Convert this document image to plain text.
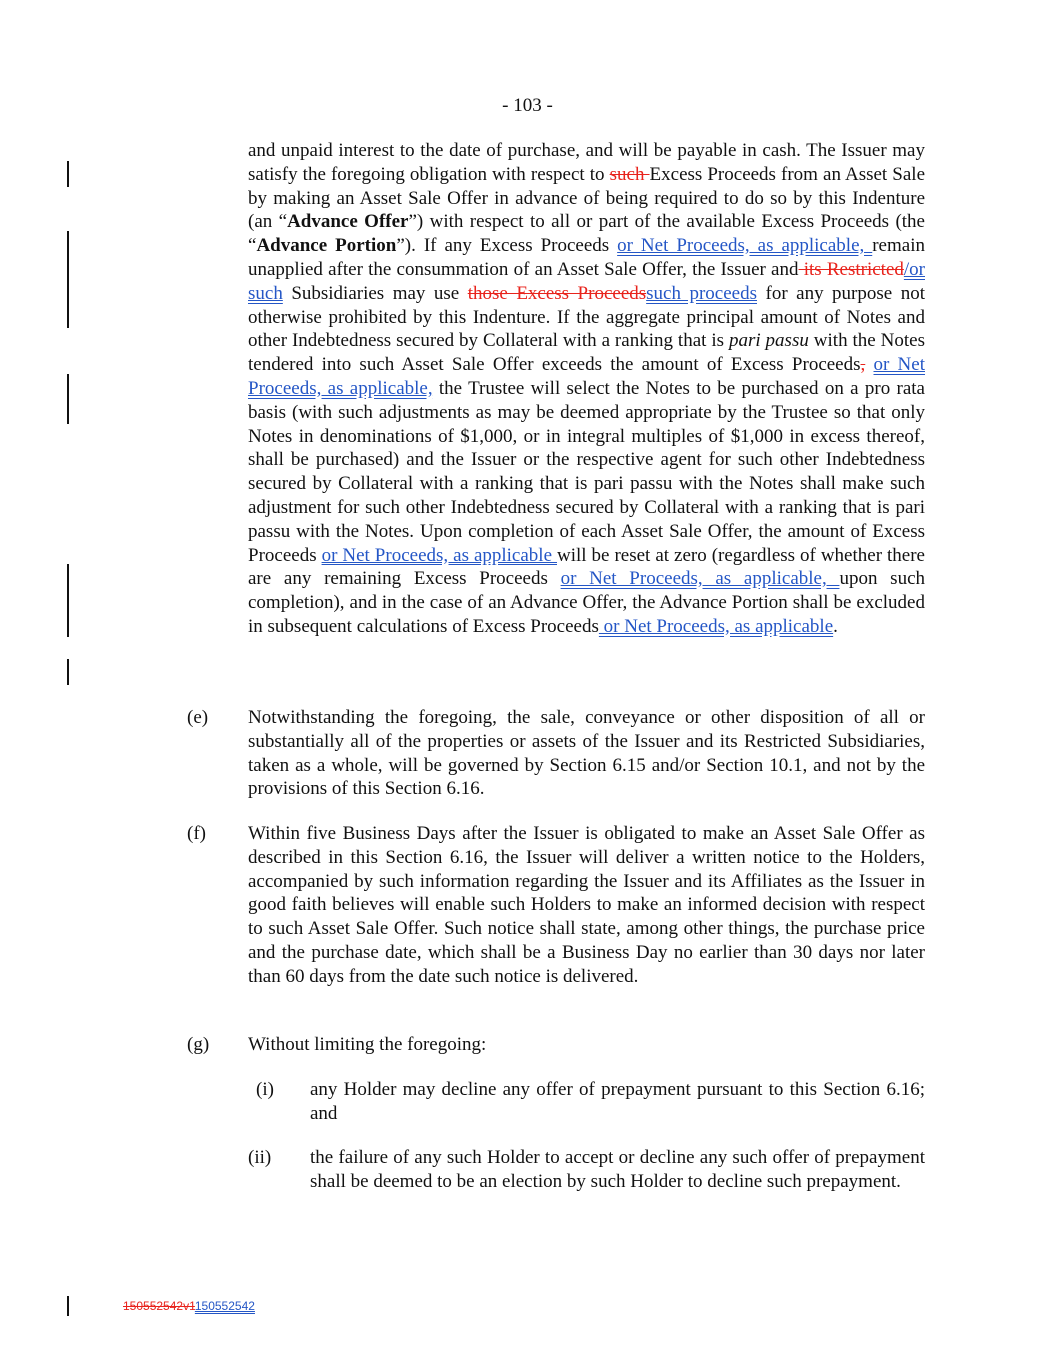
- 103 -
and unpaid interest to the date of purchase, and will be payable in cash. The Issuer may satisfy the foregoing obligation with respect to such Excess Proceeds from an Asset Sale by making an Asset Sale Offer in advance of being required to do so by this Indenture (an “Advance Offer”) with respect to all or part of the available Excess Proceeds (the “Advance Portion”). If any Excess Proceeds or Net Proceeds, as applicable, remain unapplied after the consummation of an Asset Sale Offer, the Issuer and its Restricted/or such Subsidiaries may use those Excess Proceedssuch proceeds for any purpose not otherwise prohibited by this Indenture. If the aggregate principal amount of Notes and other Indebtedness secured by Collateral with a ranking that is pari passu with the Notes tendered into such Asset Sale Offer exceeds the amount of Excess Proceeds, or Net Proceeds, as applicable, the Trustee will select the Notes to be purchased on a pro rata basis (with such adjustments as may be deemed appropriate by the Trustee so that only Notes in denominations of $1,000, or in integral multiples of $1,000 in excess thereof, shall be purchased) and the Issuer or the respective agent for such other Indebtedness secured by Collateral with a ranking that is pari passu with the Notes shall make such adjustment for such other Indebtedness secured by Collateral with a ranking that is pari passu with the Notes. Upon completion of each Asset Sale Offer, the amount of Excess Proceeds or Net Proceeds, as applicable will be reset at zero (regardless of whether there are any remaining Excess Proceeds or Net Proceeds, as applicable, upon such completion), and in the case of an Advance Offer, the Advance Portion shall be excluded in subsequent calculations of Excess Proceeds or Net Proceeds, as applicable.
(e) Notwithstanding the foregoing, the sale, conveyance or other disposition of all or substantially all of the properties or assets of the Issuer and its Restricted Subsidiaries, taken as a whole, will be governed by Section 6.15 and/or Section 10.1, and not by the provisions of this Section 6.16.
(f) Within five Business Days after the Issuer is obligated to make an Asset Sale Offer as described in this Section 6.16, the Issuer will deliver a written notice to the Holders, accompanied by such information regarding the Issuer and its Affiliates as the Issuer in good faith believes will enable such Holders to make an informed decision with respect to such Asset Sale Offer. Such notice shall state, among other things, the purchase price and the purchase date, which shall be a Business Day no earlier than 30 days nor later than 60 days from the date such notice is delivered.
(g) Without limiting the foregoing:
(i) any Holder may decline any offer of prepayment pursuant to this Section 6.16; and
(ii) the failure of any such Holder to accept or decline any such offer of prepayment shall be deemed to be an election by such Holder to decline such prepayment.
150552542v1150552542
